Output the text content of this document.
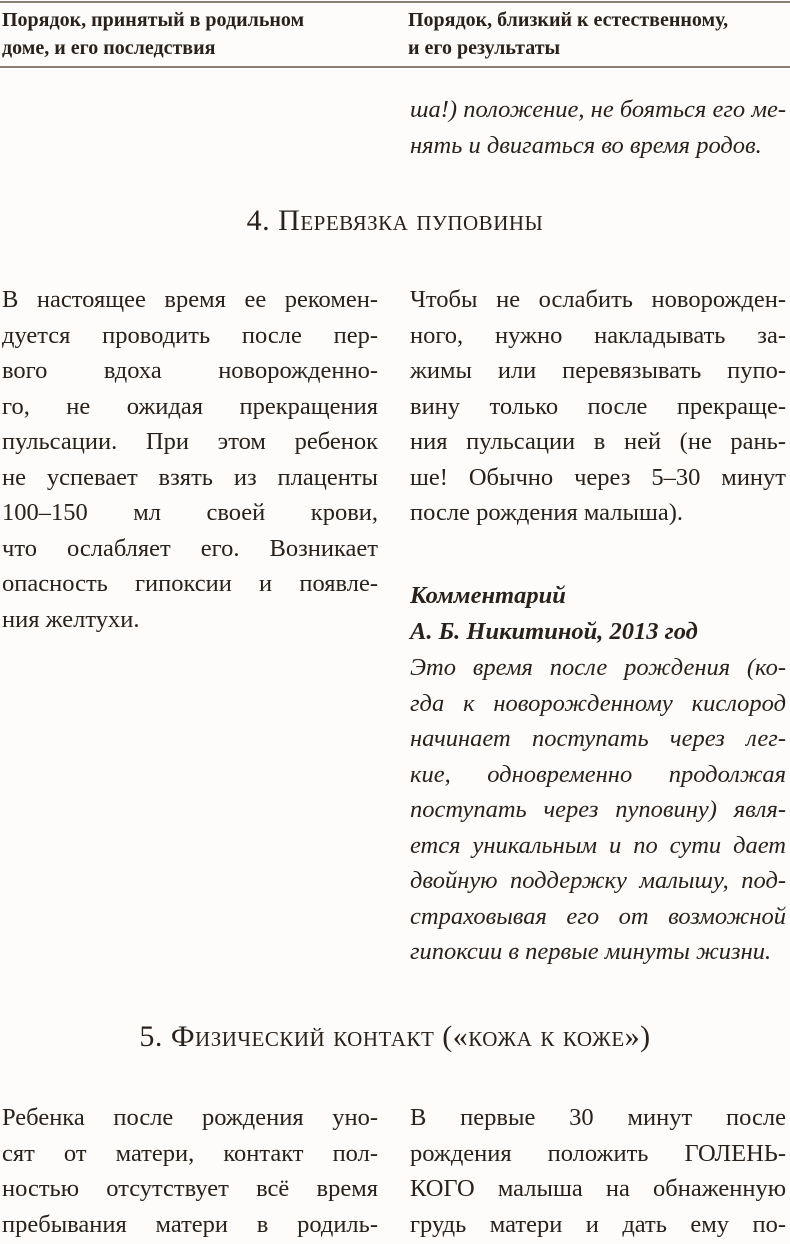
Порядок, принятый в родильном
доме, и его последствия
Порядок, близкий к естественному,
и его результаты
ша!) положение, не бояться его ме-
нять и двигаться во время родов.
4. Перевязка пуповины
В настоящее время ее рекомен-
дуется проводить после пер-
вого вдоха новорожденно-
го, не ожидая прекращения
пульсации. При этом ребенок
не успевает взять из плаценты
100–150 мл своей крови,
что ослабляет его. Возникает
опасность гипоксии и появле-
ния желтухи.
Чтобы не ослабить новорожден-
ного, нужно накладывать за-
жимы или перевязывать пупо-
вину только после прекраще-
ния пульсации в ней (не рань-
ше! Обычно через 5–30 минут
после рождения малыша).
Комментарий
А. Б. Никитиной, 2013 год
Это время после рождения (ко-
гда к новорожденному кислород
начинает поступать через лег-
кие, одновременно продолжая
поступать через пуповину) явля-
ется уникальным и по сути дает
двойную поддержку малышу, под-
страховывая его от возможной
гипоксии в первые минуты жизни.
5. Физический контакт («кожа к коже»)
Ребенка после рождения уно-
сят от матери, контакт пол-
ностью отсутствует всё время
пребывания матери в родиль-
В первые 30 минут после
рождения положить ГОЛЕНЬ-
КОГО малыша на обнаженную
грудь матери и дать ему по-
